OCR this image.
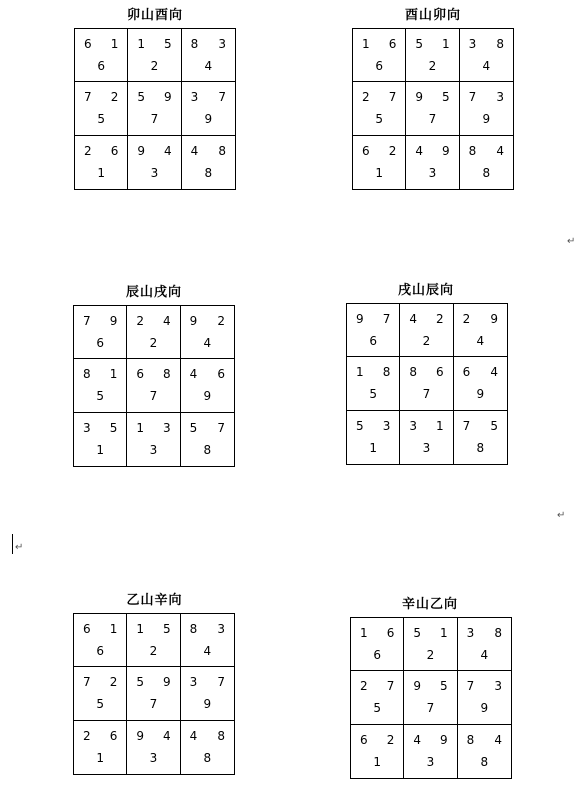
卯山酉向
6 1
6
1 5
2
8 3
4
7 2
5
5 9
7
3 7
9
2 6
1
9 4
3
4 8
8
酉山卯向
1 6
6
5 1
2
3 8
4
2 7
5
9 5
7
7 3
9
6 2
1
4 9
3
8 4
8
辰山戌向
7 9
6
2 4
2
9 2
4
8 1
5
6 8
7
4 6
9
3 5
1
1 3
3
5 7
8
戌山辰向
9 7
6
4 2
2
2 9
4
1 8
5
8 6
7
6 4
9
5 3
1
3 1
3
7 5
8
乙山辛向
6 1
6
1 5
2
8 3
4
7 2
5
5 9
7
3 7
9
2 6
1
9 4
3
4 8
8
辛山乙向
1 6
6
5 1
2
3 8
4
2 7
5
9 5
7
7 3
9
6 2
1
4 9
3
8 4
8
↵
↵
↵
